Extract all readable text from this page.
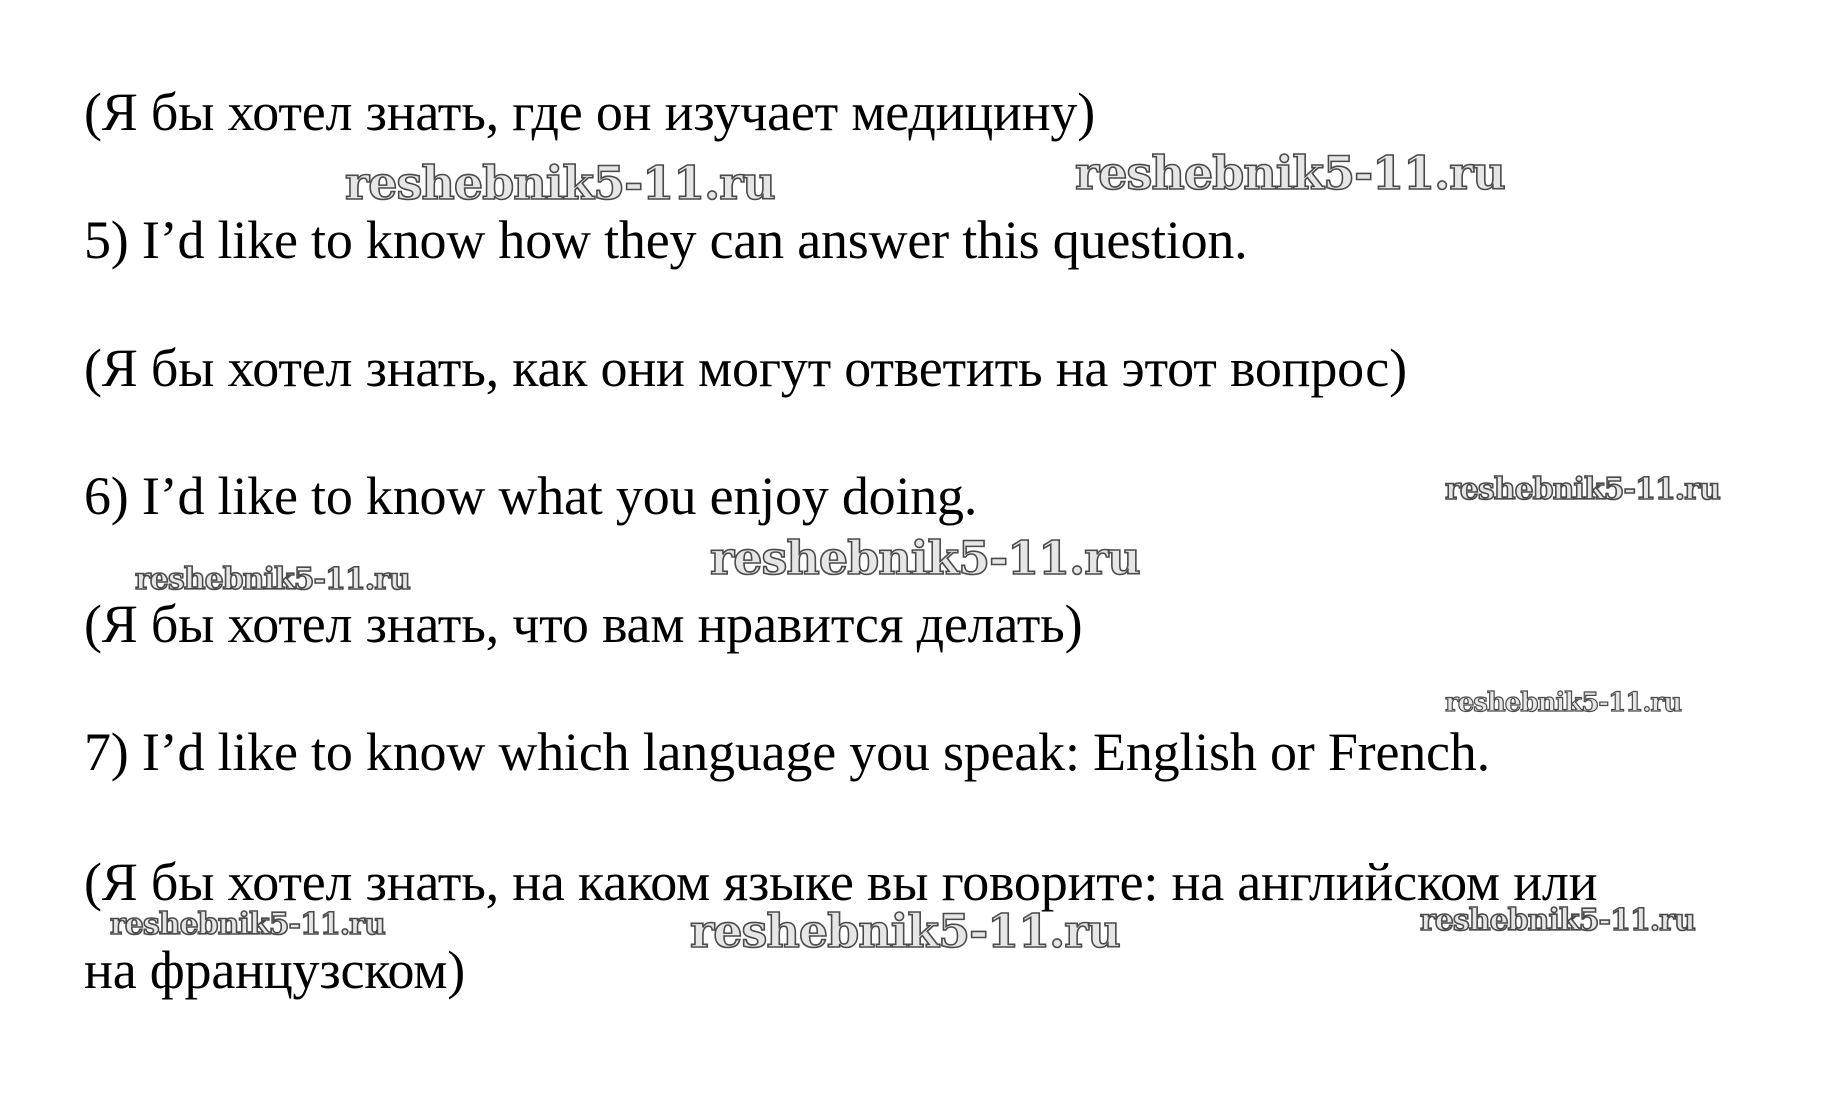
(Я бы хотел знать, где он изучает медицину)
5) I’d like to know how they can answer this question.
(Я бы хотел знать, как они могут ответить на этот вопрос)
6) I’d like to know what you enjoy doing.
(Я бы хотел знать, что вам нравится делать)
7) I’d like to know which language you speak: English or French.
(Я бы хотел знать, на каком языке вы говорите: на английском или
на французском)
reshebnik5-11.ru	reshebnik5-11.ru
reshebnik5-11.ru
reshebnik5-11.ru
reshebnik5-11.ru
reshebnik5-11.ru
reshebnik5-11.ru	reshebnik5-11.ru	reshebnik5-11.ru
